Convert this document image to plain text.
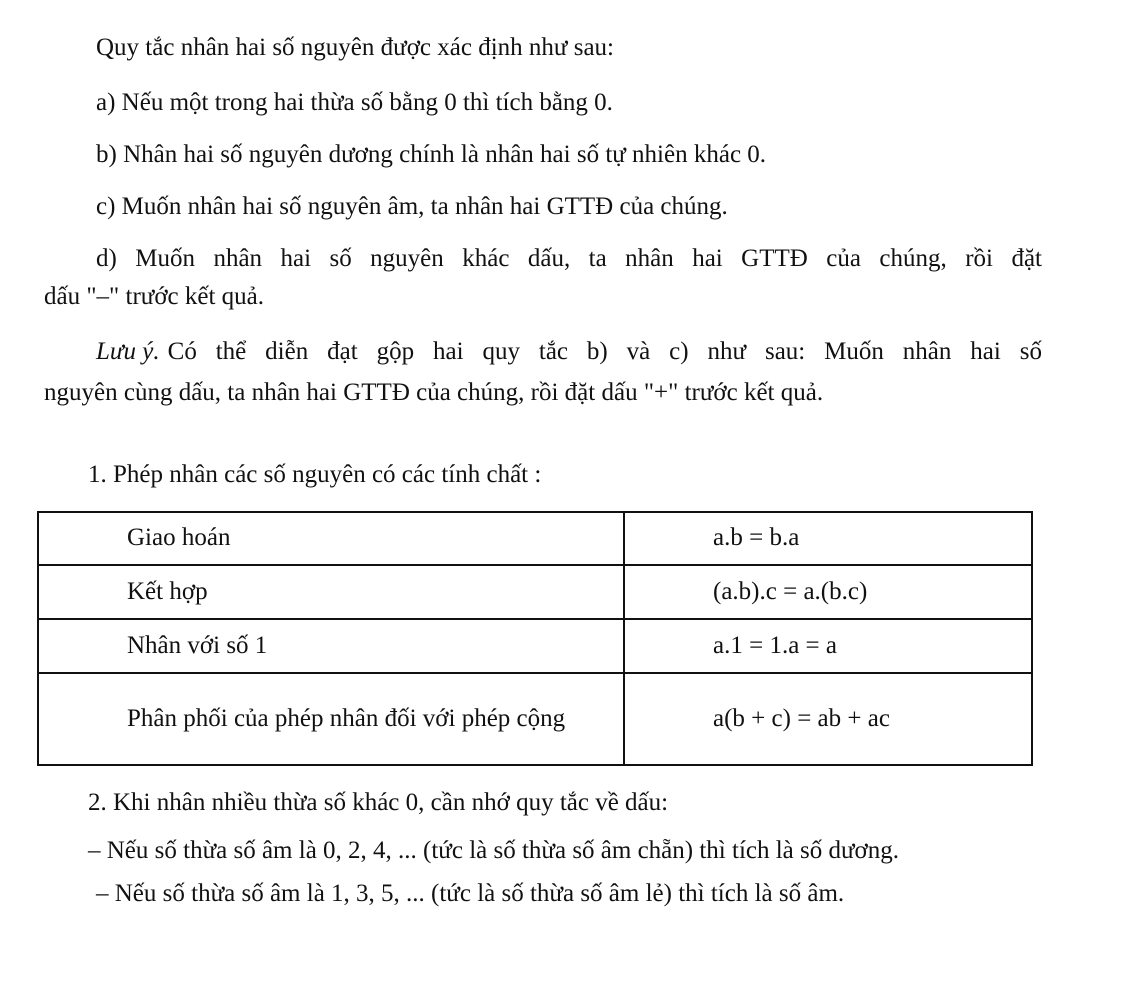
Quy tắc nhân hai số nguyên được xác định như sau:
a) Nếu một trong hai thừa số bằng 0 thì tích bằng 0.
b) Nhân hai số nguyên dương chính là nhân hai số tự nhiên khác 0.
c) Muốn nhân hai số nguyên âm, ta nhân hai GTTĐ của chúng.
d) Muốn nhân hai số nguyên khác dấu, ta nhân hai GTTĐ của chúng, rồi đặt
dấu "–" trước kết quả.
Lưu ý. Có thể diễn đạt gộp hai quy tắc b) và c) như sau: Muốn nhân hai số
nguyên cùng dấu, ta nhân hai GTTĐ của chúng, rồi đặt dấu "+" trước kết quả.
1. Phép nhân các số nguyên có các tính chất :
Giao hoán	a.b = b.a
Kết hợp	(a.b).c = a.(b.c)
Nhân với số 1	a.1 = 1.a = a
Phân phối của phép nhân đối với phép cộng	a(b + c) = ab + ac
2. Khi nhân nhiều thừa số khác 0, cần nhớ quy tắc về dấu:
– Nếu số thừa số âm là 0, 2, 4, ... (tức là số thừa số âm chẵn) thì tích là số dương.
– Nếu số thừa số âm là 1, 3, 5, ... (tức là số thừa số âm lẻ) thì tích là số âm.
